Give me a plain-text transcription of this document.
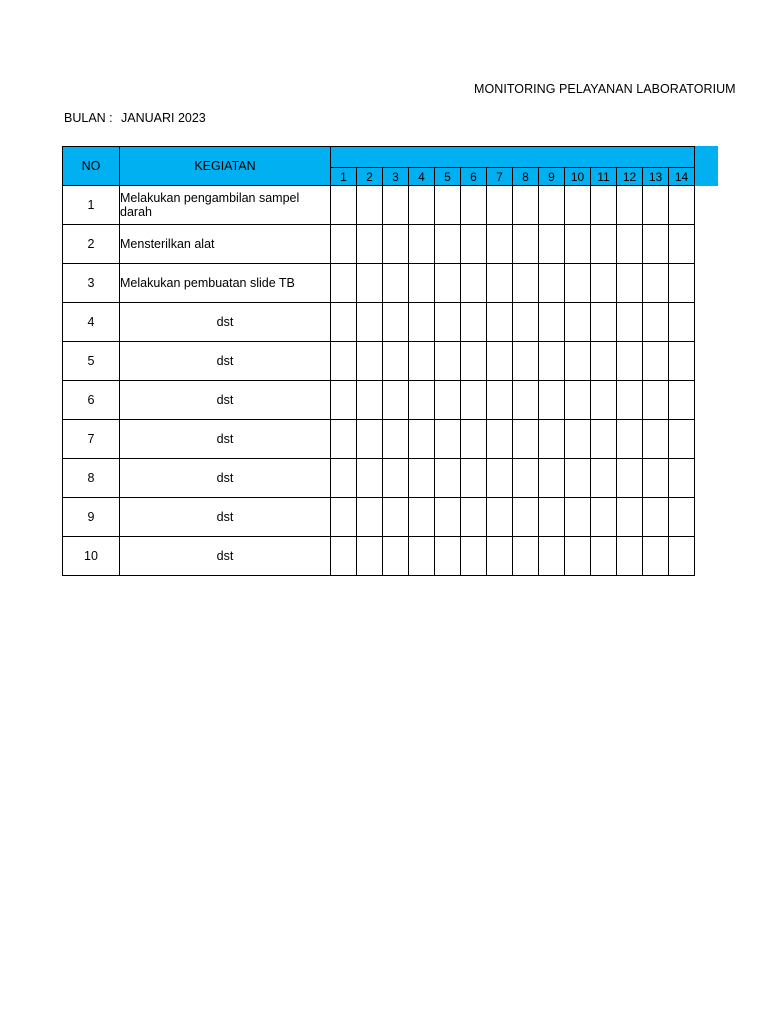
MONITORING PELAYANAN LABORATORIUM
BULAN : JANUARI 2023
NO	KEGIATAN														
		1	2	3	4	5	6	7	8	9	10	11	12	13	14
1	Melakukan pengambilan sampel darah														
2	Mensterilkan alat														
3	Melakukan pembuatan slide TB														
4	dst														
5	dst														
6	dst														
7	dst														
8	dst														
9	dst														
10	dst														
